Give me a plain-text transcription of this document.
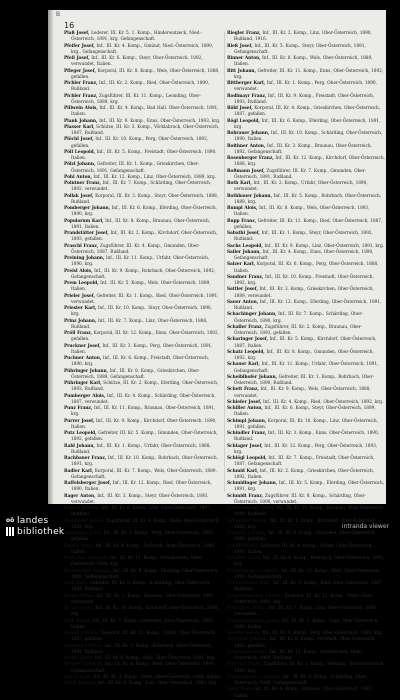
B
16
Plaß Josef, Lederer, III. Kr. 5. 1. Komp., Hinderwatzeck, Nied.-Österreich, 1891, krg. Gefangenschaft.
Pfeifer Josef, Inf., III. Kr. 4. Komp., Gmünd, Nied.-Österreich, 1890, krg., Gefangenschaft.
Pfeil Josef, Inf., III. Kr. 6. Komp., Steyr, Ober-Österreich, 1892, verwundet, Italien.
Pfleger Josef, Korporal, III. Kr. 8. Komp., Wels, Ober-Österreich, 1888, gefallen.
Pichler Franz, Inf., III. Kr. 2. Komp., Ried, Ober-Österreich, 1890, Rußland.
Pichler Franz, Zugsführer, III. Kr. 11. Komp., Leonding, Ober-Österreich, 1889, krg.
Pillwein Alois, Inf., III. Kr. 4. Komp., Bad Hall, Ober-Österreich, 1891, Italien.
Plank Johann, Inf., III. Kr. 9. Komp., Enns, Ober-Österreich, 1893, krg.
Plasser Karl, Schütze, III. Kr. 3. Komp., Vöcklabruck, Ober-Österreich, 1887, Rußland.
Plöchl Josef, Inf., III. Kr. 10. Komp., Perg, Ober-Österreich, 1892, gefallen.
Pöll Leopold, Inf., III. Kr. 5. Komp., Freistadt, Ober-Österreich, 1890, Italien.
Pölzl Johann, Gefreiter, III. Kr. 1. Komp., Grieskirchen, Ober-Österreich, 1891, Gefangenschaft.
Pohl Anton, Inf., III. Kr. 12. Komp., Linz, Ober-Österreich, 1889, krg.
Pointner Franz, Inf., III. Kr. 7. Komp., Schärding, Ober-Österreich, 1892, verwundet.
Pollak Josef, Korporal, III. Kr. 3. Komp., Steyr, Ober-Österreich, 1888, Rußland.
Pomberger Johann, Inf., III. Kr. 6. Komp., Eferding, Ober-Österreich, 1890, krg.
Populorum Karl, Inf., III. Kr. 8. Komp., Braunau, Ober-Österreich, 1891, Italien.
Prandstätter Josef, Inf., III. Kr. 2. Komp., Kirchdorf, Ober-Österreich, 1893, gefallen.
Praschl Franz, Zugsführer, III. Kr. 4. Komp., Gmunden, Ober-Österreich, 1887, Rußland.
Preining Johann, Inf., III. Kr. 11. Komp., Urfahr, Ober-Österreich, 1890, krg.
Preisl Alois, Inf., III. Kr. 9. Komp., Rohrbach, Ober-Österreich, 1892, Gefangenschaft.
Prem Leopold, Inf., III. Kr. 5. Komp., Wels, Ober-Österreich, 1889, Italien.
Prieler Josef, Gefreiter, III. Kr. 1. Komp., Ried, Ober-Österreich, 1891, verwundet.
Priester Karl, Inf., III. Kr. 10. Komp., Steyr, Ober-Österreich, 1890, krg.
Prinz Johann, Inf., III. Kr. 7. Komp., Linz, Ober-Österreich, 1888, Rußland.
Pröll Franz, Korporal, III. Kr. 12. Komp., Enns, Ober-Österreich, 1892, gefallen.
Pruckner Josef, Inf., III. Kr. 3. Komp., Perg, Ober-Österreich, 1891, Italien.
Puchner Anton, Inf., III. Kr. 6. Komp., Freistadt, Ober-Österreich, 1890, krg.
Pühringer Johann, Inf., III. Kr. 8. Komp., Grieskirchen, Ober-Österreich, 1889, Gefangenschaft.
Pühringer Karl, Schütze, III. Kr. 2. Komp., Eferding, Ober-Österreich, 1893, Rußland.
Pumberger Alois, Inf., III. Kr. 4. Komp., Schärding, Ober-Österreich, 1887, verwundet.
Punz Franz, Inf., III. Kr. 11. Komp., Braunau, Ober-Österreich, 1891, krg.
Purrer Josef, Inf., III. Kr. 9. Komp., Kirchdorf, Ober-Österreich, 1890, Italien.
Putz Leopold, Gefreiter, III. Kr. 5. Komp., Gmunden, Ober-Österreich, 1892, gefallen.
Rabl Johann, Inf., III. Kr. 1. Komp., Urfahr, Ober-Österreich, 1888, Rußland.
Rachbauer Franz, Inf., III. Kr. 10. Komp., Rohrbach, Ober-Österreich, 1891, krg.
Radler Karl, Korporal, III. Kr. 7. Komp., Wels, Ober-Österreich, 1889, Gefangenschaft.
Raffelsberger Josef, Inf., III. Kr. 12. Komp., Ried, Ober-Österreich, 1890, Italien.
Rager Anton, Inf., III. Kr. 3. Komp., Steyr, Ober-Österreich, 1893, verwundet.
Rainer Johann, Inf., III. Kr. 6. Komp., Linz, Ober-Österreich, 1887, Rußland.
Ramsauer Franz, Zugsführer, III. Kr. 8. Komp., Enns, Ober-Österreich, 1892, krg.
Rathmayr Josef, Inf., III. Kr. 2. Komp., Perg, Ober-Österreich, 1891, gefallen.
Rauch Alois, Inf., III. Kr. 4. Komp., Freistadt, Ober-Österreich, 1890, Italien.
Rauscher Leopold, Inf., III. Kr. 11. Komp., Grieskirchen, Ober-Österreich, 1888, krg.
Rechberger Johann, Inf., III. Kr. 9. Komp., Eferding, Ober-Österreich, 1892, Gefangenschaft.
Redl Karl, Gefreiter, III. Kr. 5. Komp., Schärding, Ober-Österreich, 1889, Rußland.
Reder Franz, Inf., III. Kr. 1. Komp., Braunau, Ober-Österreich, 1891, verwundet.
Reichl Josef, Inf., III. Kr. 10. Komp., Kirchdorf, Ober-Österreich, 1890, krg.
Reif Anton, Inf., III. Kr. 7. Komp., Gmunden, Ober-Österreich, 1893, Italien.
Reindl Johann, Korporal, III. Kr. 12. Komp., Urfahr, Ober-Österreich, 1887, gefallen.
Reisinger Franz, Inf., III. Kr. 3. Komp., Rohrbach, Ober-Österreich, 1892, Rußland.
Reiter Josef, Inf., III. Kr. 6. Komp., Wels, Ober-Österreich, 1891, krg.
Renner Leopold, Inf., III. Kr. 8. Komp., Ried, Ober-Österreich, 1890, Gefangenschaft.
Resch Karl, Inf., III. Kr. 2. Komp., Steyr, Ober-Österreich, 1888, Italien.
Riedl Johann, Inf., III. Kr. 4. Komp., Linz, Ober-Österreich, 1892, krg.
Riegler Franz, Inf., III. Kr. 2. Komp., Linz, Ober-Österreich, 1890, Rußland, 1916.
Rieß Josef, Inf., III. Kr. 5. Komp., Steyr, Ober-Österreich, 1891, Gefangenschaft.
Rinner Anton, Inf., III. Kr. 8. Komp., Wels, Ober-Österreich, 1889, Italien.
Ritt Johann, Gefreiter, III. Kr. 11. Komp., Enns, Ober-Österreich, 1892, krg.
Rittberger Karl, Inf., III. Kr. 1. Komp., Perg, Ober-Österreich, 1890, verwundet.
Rodlmayr Franz, Inf., III. Kr. 9. Komp., Freistadt, Ober-Österreich, 1893, Rußland.
Röbl Josef, Korporal, III. Kr. 4. Komp., Grieskirchen, Ober-Österreich, 1887, gefallen.
Rögl Leopold, Inf., III. Kr. 6. Komp., Eferding, Ober-Österreich, 1891, krg.
Rohrauer Johann, Inf., III. Kr. 10. Komp., Schärding, Ober-Österreich, 1890, Italien.
Roithner Anton, Inf., III. Kr. 3. Komp., Braunau, Ober-Österreich, 1892, Gefangenschaft.
Rosenberger Franz, Inf., III. Kr. 12. Komp., Kirchdorf, Ober-Österreich, 1888, krg.
Roßmann Josef, Zugsführer, III. Kr. 7. Komp., Gmunden, Ober-Österreich, 1891, Rußland.
Roth Karl, Inf., III. Kr. 2. Komp., Urfahr, Ober-Österreich, 1890, verwundet.
Rothbauer Johann, Inf., III. Kr. 5. Komp., Rohrbach, Ober-Österreich, 1889, krg.
Rumpl Alois, Inf., III. Kr. 8. Komp., Wels, Ober-Österreich, 1893, Italien.
Rupp Franz, Gefreiter, III. Kr. 11. Komp., Ried, Ober-Österreich, 1887, gefallen.
Sabathi Josef, Inf., III. Kr. 1. Komp., Steyr, Ober-Österreich, 1892, Rußland.
Sachs Leopold, Inf., III. Kr. 9. Komp., Linz, Ober-Österreich, 1891, krg.
Sailer Johann, Inf., III. Kr. 4. Komp., Enns, Ober-Österreich, 1890, Gefangenschaft.
Salzer Karl, Korporal, III. Kr. 6. Komp., Perg, Ober-Österreich, 1888, Italien.
Sandner Franz, Inf., III. Kr. 10. Komp., Freistadt, Ober-Österreich, 1892, krg.
Sattler Josef, Inf., III. Kr. 3. Komp., Grieskirchen, Ober-Österreich, 1889, verwundet.
Sauer Anton, Inf., III. Kr. 12. Komp., Eferding, Ober-Österreich, 1891, Rußland.
Schachinger Johann, Inf., III. Kr. 7. Komp., Schärding, Ober-Österreich, 1890, krg.
Schaller Franz, Zugsführer, III. Kr. 2. Komp., Braunau, Ober-Österreich, 1893, gefallen.
Scharinger Josef, Inf., III. Kr. 5. Komp., Kirchdorf, Ober-Österreich, 1887, Italien.
Schatz Leopold, Inf., III. Kr. 8. Komp., Gmunden, Ober-Österreich, 1892, krg.
Schauer Karl, Inf., III. Kr. 11. Komp., Urfahr, Ober-Österreich, 1891, Gefangenschaft.
Scheiblhofer Johann, Gefreiter, III. Kr. 1. Komp., Rohrbach, Ober-Österreich, 1890, Rußland.
Schett Franz, Inf., III. Kr. 9. Komp., Wels, Ober-Österreich, 1888, verwundet.
Schiefer Josef, Inf., III. Kr. 4. Komp., Ried, Ober-Österreich, 1892, krg.
Schiller Anton, Inf., III. Kr. 6. Komp., Steyr, Ober-Österreich, 1889, Italien.
Schimpl Johann, Korporal, III. Kr. 10. Komp., Linz, Ober-Österreich, 1891, gefallen.
Schindler Franz, Inf., III. Kr. 3. Komp., Enns, Ober-Österreich, 1890, Rußland.
Schlager Josef, Inf., III. Kr. 12. Komp., Perg, Ober-Österreich, 1893, krg.
Schlögl Leopold, Inf., III. Kr. 7. Komp., Freistadt, Ober-Österreich, 1887, Gefangenschaft.
Schmid Karl, Inf., III. Kr. 2. Komp., Grieskirchen, Ober-Österreich, 1892, Italien.
Schmidinger Johann, Inf., III. Kr. 5. Komp., Eferding, Ober-Österreich, 1891, krg.
Schmidt Franz, Zugsführer, III. Kr. 8. Komp., Schärding, Ober-Österreich, 1890, verwundet.
Schneeberger Josef, Inf., III. Kr. 11. Komp., Braunau, Ober-Österreich, 1888, Rußland.
Schneider Anton, Inf., III. Kr. 1. Komp., Kirchdorf, Ober-Österreich, 1892, krg.
Schober Johann, Inf., III. Kr. 9. Komp., Gmunden, Ober-Österreich, 1889, gefallen.
Schöfl Franz, Gefreiter, III. Kr. 4. Komp., Urfahr, Ober-Österreich, 1891, Italien.
Schöller Josef, Inf., III. Kr. 6. Komp., Rohrbach, Ober-Österreich, 1890, krg.
Schönberger Leopold, Inf., III. Kr. 10. Komp., Wels, Ober-Österreich, 1893, Gefangenschaft.
Schöngruber Karl, Inf., III. Kr. 3. Komp., Ried, Ober-Österreich, 1887, Rußland.
Schrattenecker Johann, Korporal, III. Kr. 12. Komp., Steyr, Ober-Österreich, 1892, krg.
Schreiner Franz, Inf., III. Kr. 7. Komp., Linz, Ober-Österreich, 1891, verwundet.
Schröckenfuchs Josef, Inf., III. Kr. 2. Komp., Enns, Ober-Österreich, 1890, Italien.
Schübl Anton, Inf., III. Kr. 5. Komp., Perg, Ober-Österreich, 1888, krg.
Schuster Johann, Inf., III. Kr. 8. Komp., Freistadt, Ober-Österreich, 1892, gefallen.
Schwaiger Franz, Inf., III. Kr. 11. Komp., Grieskirchen, Ober-Österreich, 1889, Rußland.
Schwarz Josef, Zugsführer, III. Kr. 1. Komp., Eferding, Ober-Österreich, 1891, krg.
Schweighofer Leopold, Inf., III. Kr. 9. Komp., Schärding, Ober-Österreich, 1890, Gefangenschaft.
Seidl Karl, Inf., III. Kr. 4. Komp., Braunau, Ober-Österreich, 1893, Italien.
oö landes
bibliothek	intranda viewer
